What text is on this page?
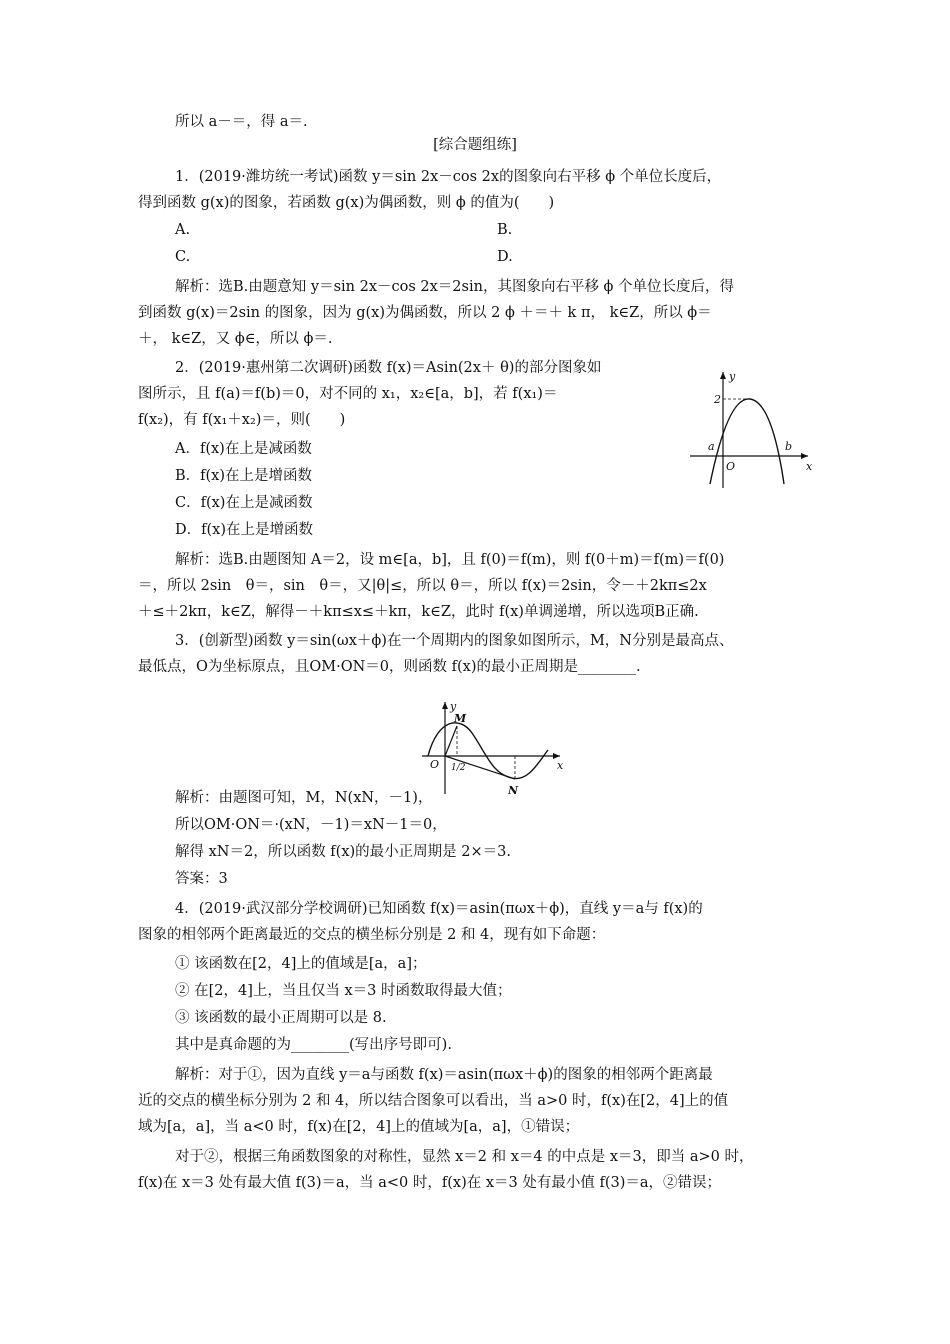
所以 a－＝，得 a＝.
[综合题组练]
1．(2019·潍坊统一考试)函数 y＝sin 2x－cos 2x的图象向右平移 ϕ 个单位长度后，
得到函数 g(x)的图象，若函数 g(x)为偶函数，则 ϕ 的值为(　　)
A.	B.
C.	D.
解析：选B.由题意知 y＝sin 2x－cos 2x＝2sin，其图象向右平移 ϕ 个单位长度后，得
到函数 g(x)＝2sin 的图象，因为 g(x)为偶函数，所以 2 ϕ ＋＝＋ k π， k∈Z，所以 ϕ＝
＋， k∈Z，又 ϕ∈，所以 ϕ＝.
2．(2019·惠州第二次调研)函数 f(x)＝Asin(2x＋ θ)的部分图象如
图所示，且 f(a)＝f(b)＝0，对不同的 x₁，x₂∈[a，b]，若 f(x₁)＝
f(x₂)，有 f(x₁＋x₂)＝，则(　　)
A．f(x)在上是减函数
B．f(x)在上是增函数
C．f(x)在上是减函数
D．f(x)在上是增函数
解析：选B.由题图知 A＝2，设 m∈[a，b]，且 f(0)＝f(m)，则 f(0＋m)＝f(m)＝f(0)
＝，所以 2sin　θ＝，sin　θ＝，又|θ|≤，所以 θ＝，所以 f(x)＝2sin，令－＋2kπ≤2x
＋≤＋2kπ，k∈Z，解得－＋kπ≤x≤＋kπ，k∈Z，此时 f(x)单调递增，所以选项B正确.
3．(创新型)函数 y＝sin(ωx＋ϕ)在一个周期内的图象如图所示，M，N分别是最高点、
最低点，O为坐标原点，且OM·ON＝0，则函数 f(x)的最小正周期是________.
解析：由题图可知，M，N(xN，－1)，
所以OM·ON＝·(xN，－1)＝xN－1＝0，
解得 xN＝2，所以函数 f(x)的最小正周期是 2×＝3.
答案：3
4．(2019·武汉部分学校调研)已知函数 f(x)＝asin(πωx＋ϕ)，直线 y＝a与 f(x)的
图象的相邻两个距离最近的交点的横坐标分别是 2 和 4，现有如下命题：
① 该函数在[2，4]上的值域是[a，a]；
② 在[2，4]上，当且仅当 x＝3 时函数取得最大值；
③ 该函数的最小正周期可以是 8.
其中是真命题的为________(写出序号即可).
解析：对于①，因为直线 y＝a与函数 f(x)＝asin(πωx＋ϕ)的图象的相邻两个距离最
近的交点的横坐标分别为 2 和 4，所以结合图象可以看出，当 a>0 时，f(x)在[2，4]上的值
域为[a，a]，当 a<0 时，f(x)在[2，4]上的值域为[a，a]，①错误；
对于②，根据三角函数图象的对称性，显然 x＝2 和 x＝4 的中点是 x＝3，即当 a>0 时，
f(x)在 x＝3 处有最大值 f(3)＝a，当 a<0 时，f(x)在 x＝3 处有最小值 f(3)＝a，②错误；
y
x
2
a
O
b
y
x
M
O 1/2
N
